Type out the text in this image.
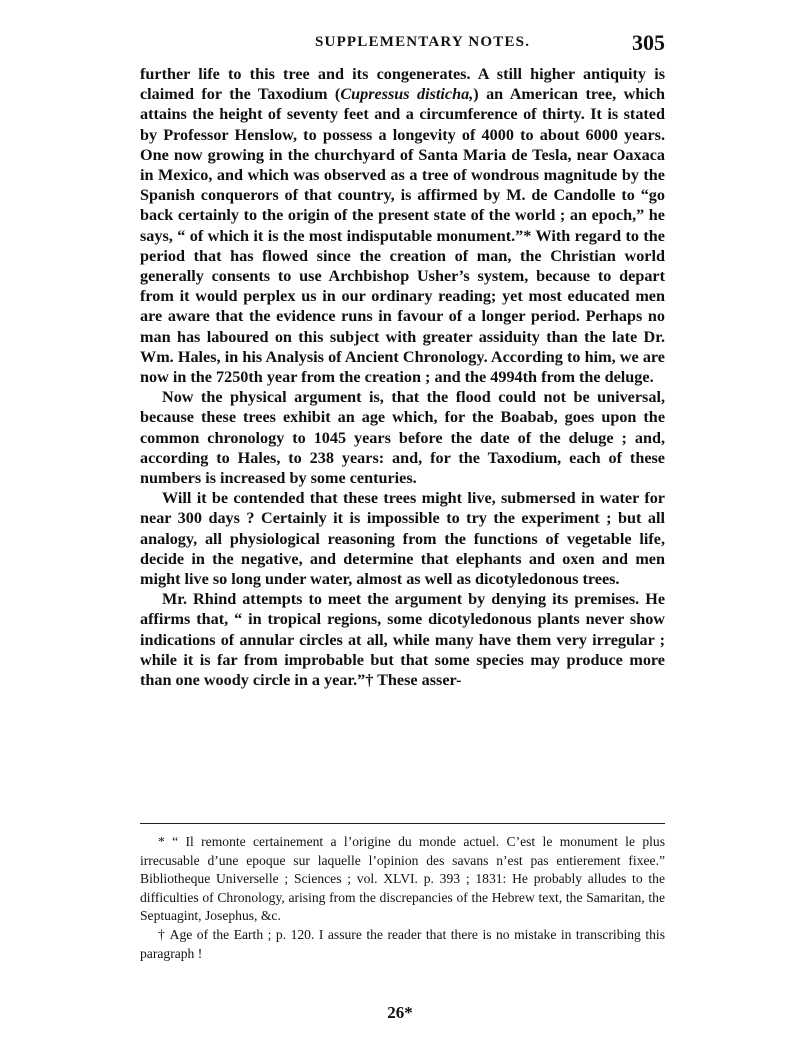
SUPPLEMENTARY NOTES.	305

further life to this tree and its congenerates. A still higher antiquity is claimed for the Taxodium (Cupressus disticha,) an American tree, which attains the height of seventy feet and a circumference of thirty. It is stated by Professor Henslow, to possess a longevity of 4000 to about 6000 years. One now growing in the churchyard of Santa Maria de Tesla, near Oaxaca in Mexico, and which was observed as a tree of wondrous magnitude by the Spanish conquerors of that country, is affirmed by M. de Candolle to “go back certainly to the origin of the present state of the world ; an epoch,” he says, “ of which it is the most indisputable monument.”* With regard to the period that has flowed since the creation of man, the Christian world generally consents to use Archbishop Usher’s system, because to depart from it would perplex us in our ordinary reading; yet most educated men are aware that the evidence runs in favour of a longer period. Perhaps no man has laboured on this subject with greater assiduity than the late Dr. Wm. Hales, in his Analysis of Ancient Chronology. According to him, we are now in the 7250th year from the creation ; and the 4994th from the deluge.

Now the physical argument is, that the flood could not be universal, because these trees exhibit an age which, for the Boabab, goes upon the common chronology to 1045 years before the date of the deluge ; and, according to Hales, to 238 years: and, for the Taxodium, each of these numbers is increased by some centuries.

Will it be contended that these trees might live, submersed in water for near 300 days ? Certainly it is impossible to try the experiment ; but all analogy, all physiological reasoning from the functions of vegetable life, decide in the negative, and determine that elephants and oxen and men might live so long under water, almost as well as dicotyledonous trees.

Mr. Rhind attempts to meet the argument by denying its premises. He affirms that, “ in tropical regions, some dicotyledonous plants never show indications of annular circles at all, while many have them very irregular ; while it is far from improbable but that some species may produce more than one woody circle in a year.”† These asser-

* “ Il remonte certainement a l’origine du monde actuel. C’est le monument le plus irrecusable d’une epoque sur laquelle l’opinion des savans n’est pas entierement fixee.” Bibliotheque Universelle ; Sciences ; vol. XLVI. p. 393 ; 1831: He probably alludes to the difficulties of Chronology, arising from the discrepancies of the Hebrew text, the Samaritan, the Septuagint, Josephus, &c.

† Age of the Earth ; p. 120. I assure the reader that there is no mistake in transcribing this paragraph !

26*
